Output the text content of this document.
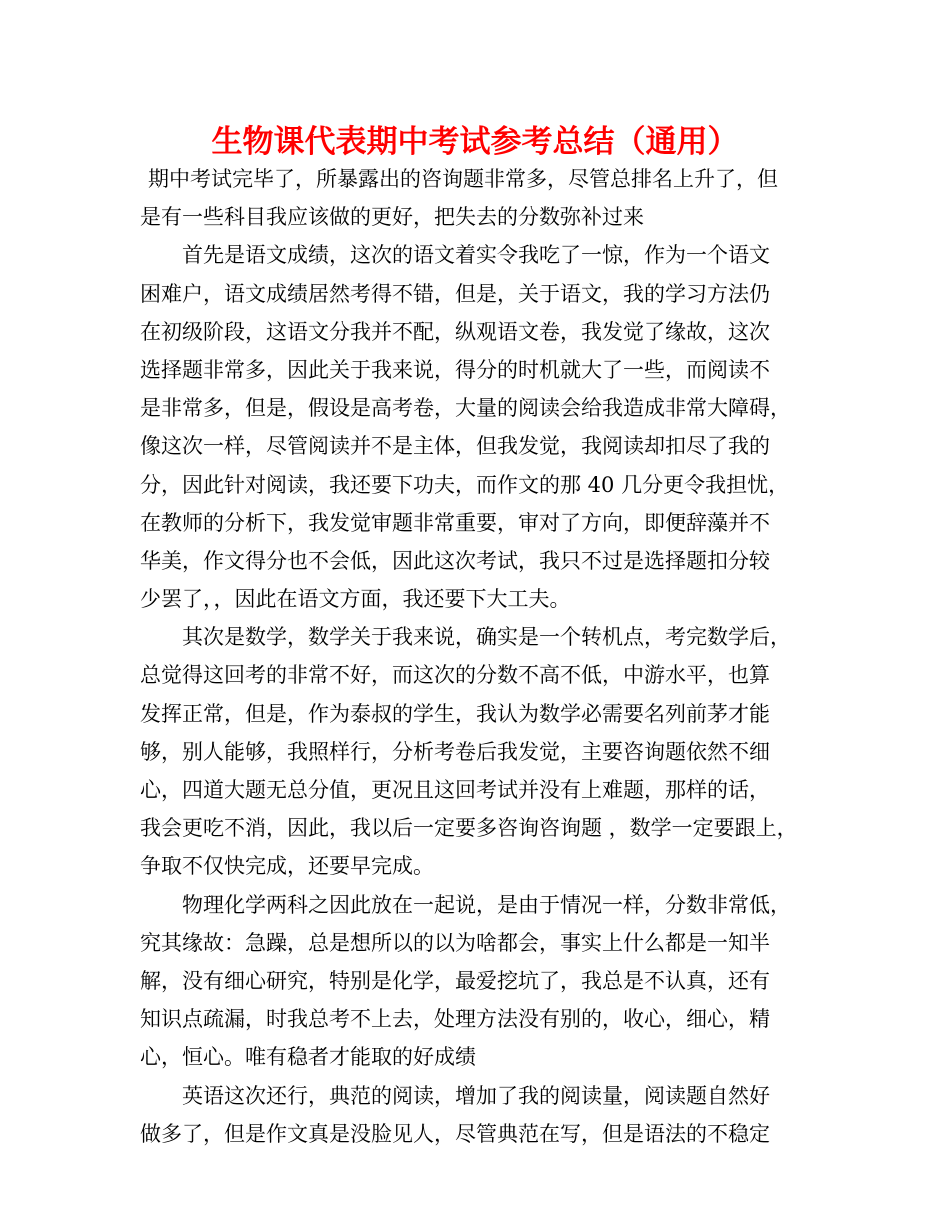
生物课代表期中考试参考总结（通用）
期中考试完毕了，所暴露出的咨询题非常多，尽管总排名上升了，但
是有一些科目我应该做的更好，把失去的分数弥补过来
首先是语文成绩，这次的语文着实令我吃了一惊，作为一个语文
困难户，语文成绩居然考得不错，但是，关于语文，我的学习方法仍
在初级阶段，这语文分我并不配，纵观语文卷，我发觉了缘故，这次
选择题非常多，因此关于我来说，得分的时机就大了一些，而阅读不
是非常多，但是，假设是高考卷，大量的阅读会给我造成非常大障碍，
像这次一样，尽管阅读并不是主体，但我发觉，我阅读却扣尽了我的
分，因此针对阅读，我还要下功夫，而作文的那 40 几分更令我担忧，
在教师的分析下，我发觉审题非常重要，审对了方向，即便辞藻并不
华美，作文得分也不会低，因此这次考试，我只不过是选择题扣分较
少罢了，，因此在语文方面，我还要下大工夫。
其次是数学，数学关于我来说，确实是一个转机点，考完数学后，
总觉得这回考的非常不好，而这次的分数不高不低，中游水平，也算
发挥正常，但是，作为泰叔的学生，我认为数学必需要名列前茅才能
够，别人能够，我照样行，分析考卷后我发觉，主要咨询题依然不细
心，四道大题无总分值，更况且这回考试并没有上难题，那样的话，
我会更吃不消，因此，我以后一定要多咨询咨询题 ，数学一定要跟上，
争取不仅快完成，还要早完成。
物理化学两科之因此放在一起说，是由于情况一样，分数非常低，
究其缘故：急躁，总是想所以的以为啥都会，事实上什么都是一知半
解，没有细心研究，特别是化学，最爱挖坑了，我总是不认真，还有
知识点疏漏，时我总考不上去，处理方法没有别的，收心，细心，精
心，恒心。唯有稳者才能取的好成绩
英语这次还行，典范的阅读，增加了我的阅读量，阅读题自然好
做多了，但是作文真是没脸见人，尽管典范在写，但是语法的不稳定
